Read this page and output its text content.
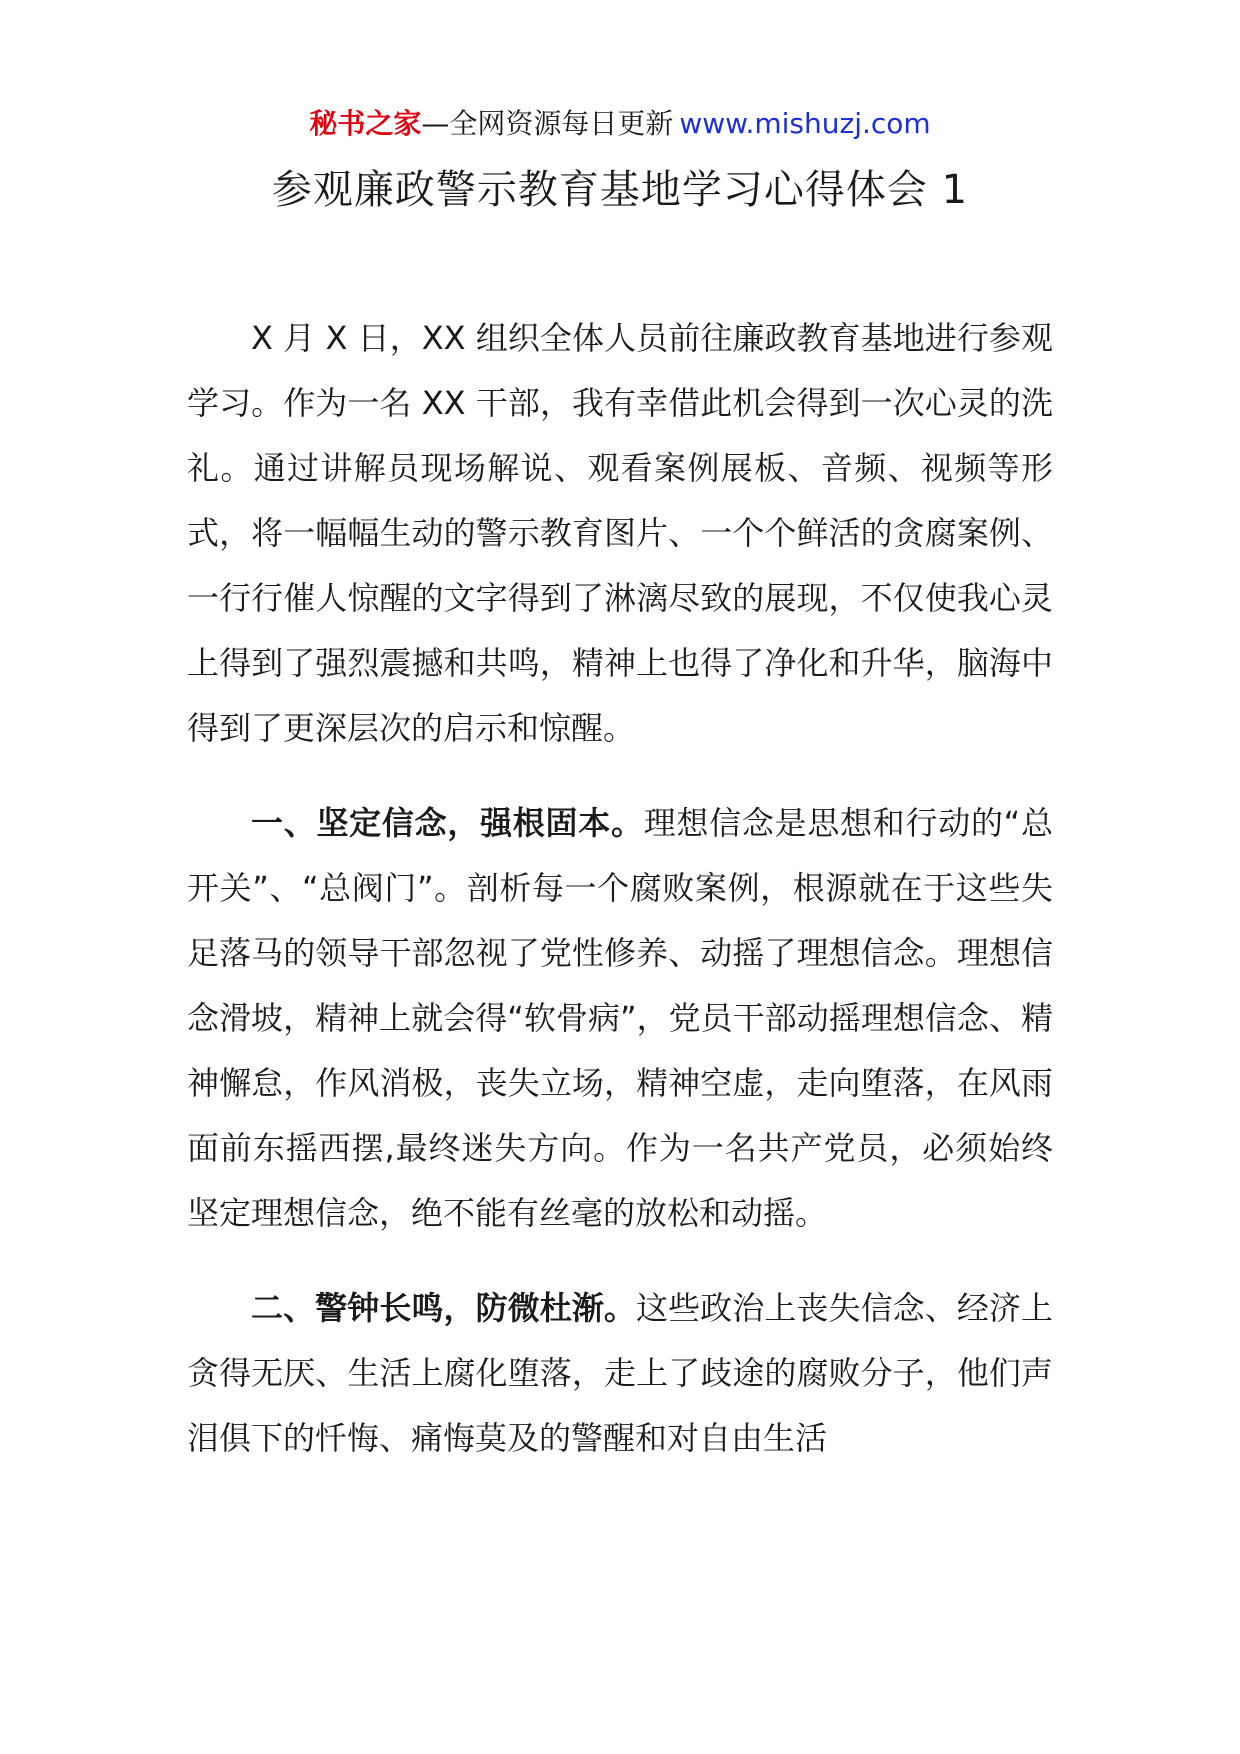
秘书之家—全网资源每日更新 www.mishuzj.com
参观廉政警示教育基地学习心得体会 1

X 月 X 日，XX 组织全体人员前往廉政教育基地进行参观学习。作为一名 XX 干部，我有幸借此机会得到一次心灵的洗礼。通过讲解员现场解说、观看案例展板、音频、视频等形式，将一幅幅生动的警示教育图片、一个个鲜活的贪腐案例、一行行催人惊醒的文字得到了淋漓尽致的展现，不仅使我心灵上得到了强烈震撼和共鸣，精神上也得了净化和升华，脑海中得到了更深层次的启示和惊醒。

一、坚定信念，强根固本。理想信念是思想和行动的“总开关”、“总阀门”。剖析每一个腐败案例，根源就在于这些失足落马的领导干部忽视了党性修养、动摇了理想信念。理想信念滑坡，精神上就会得“软骨病”，党员干部动摇理想信念、精神懈怠，作风消极，丧失立场，精神空虚，走向堕落，在风雨面前东摇西摆,最终迷失方向。作为一名共产党员，必须始终坚定理想信念，绝不能有丝毫的放松和动摇。

二、警钟长鸣，防微杜渐。这些政治上丧失信念、经济上贪得无厌、生活上腐化堕落，走上了歧途的腐败分子，他们声泪俱下的忏悔、痛悔莫及的警醒和对自由生活
